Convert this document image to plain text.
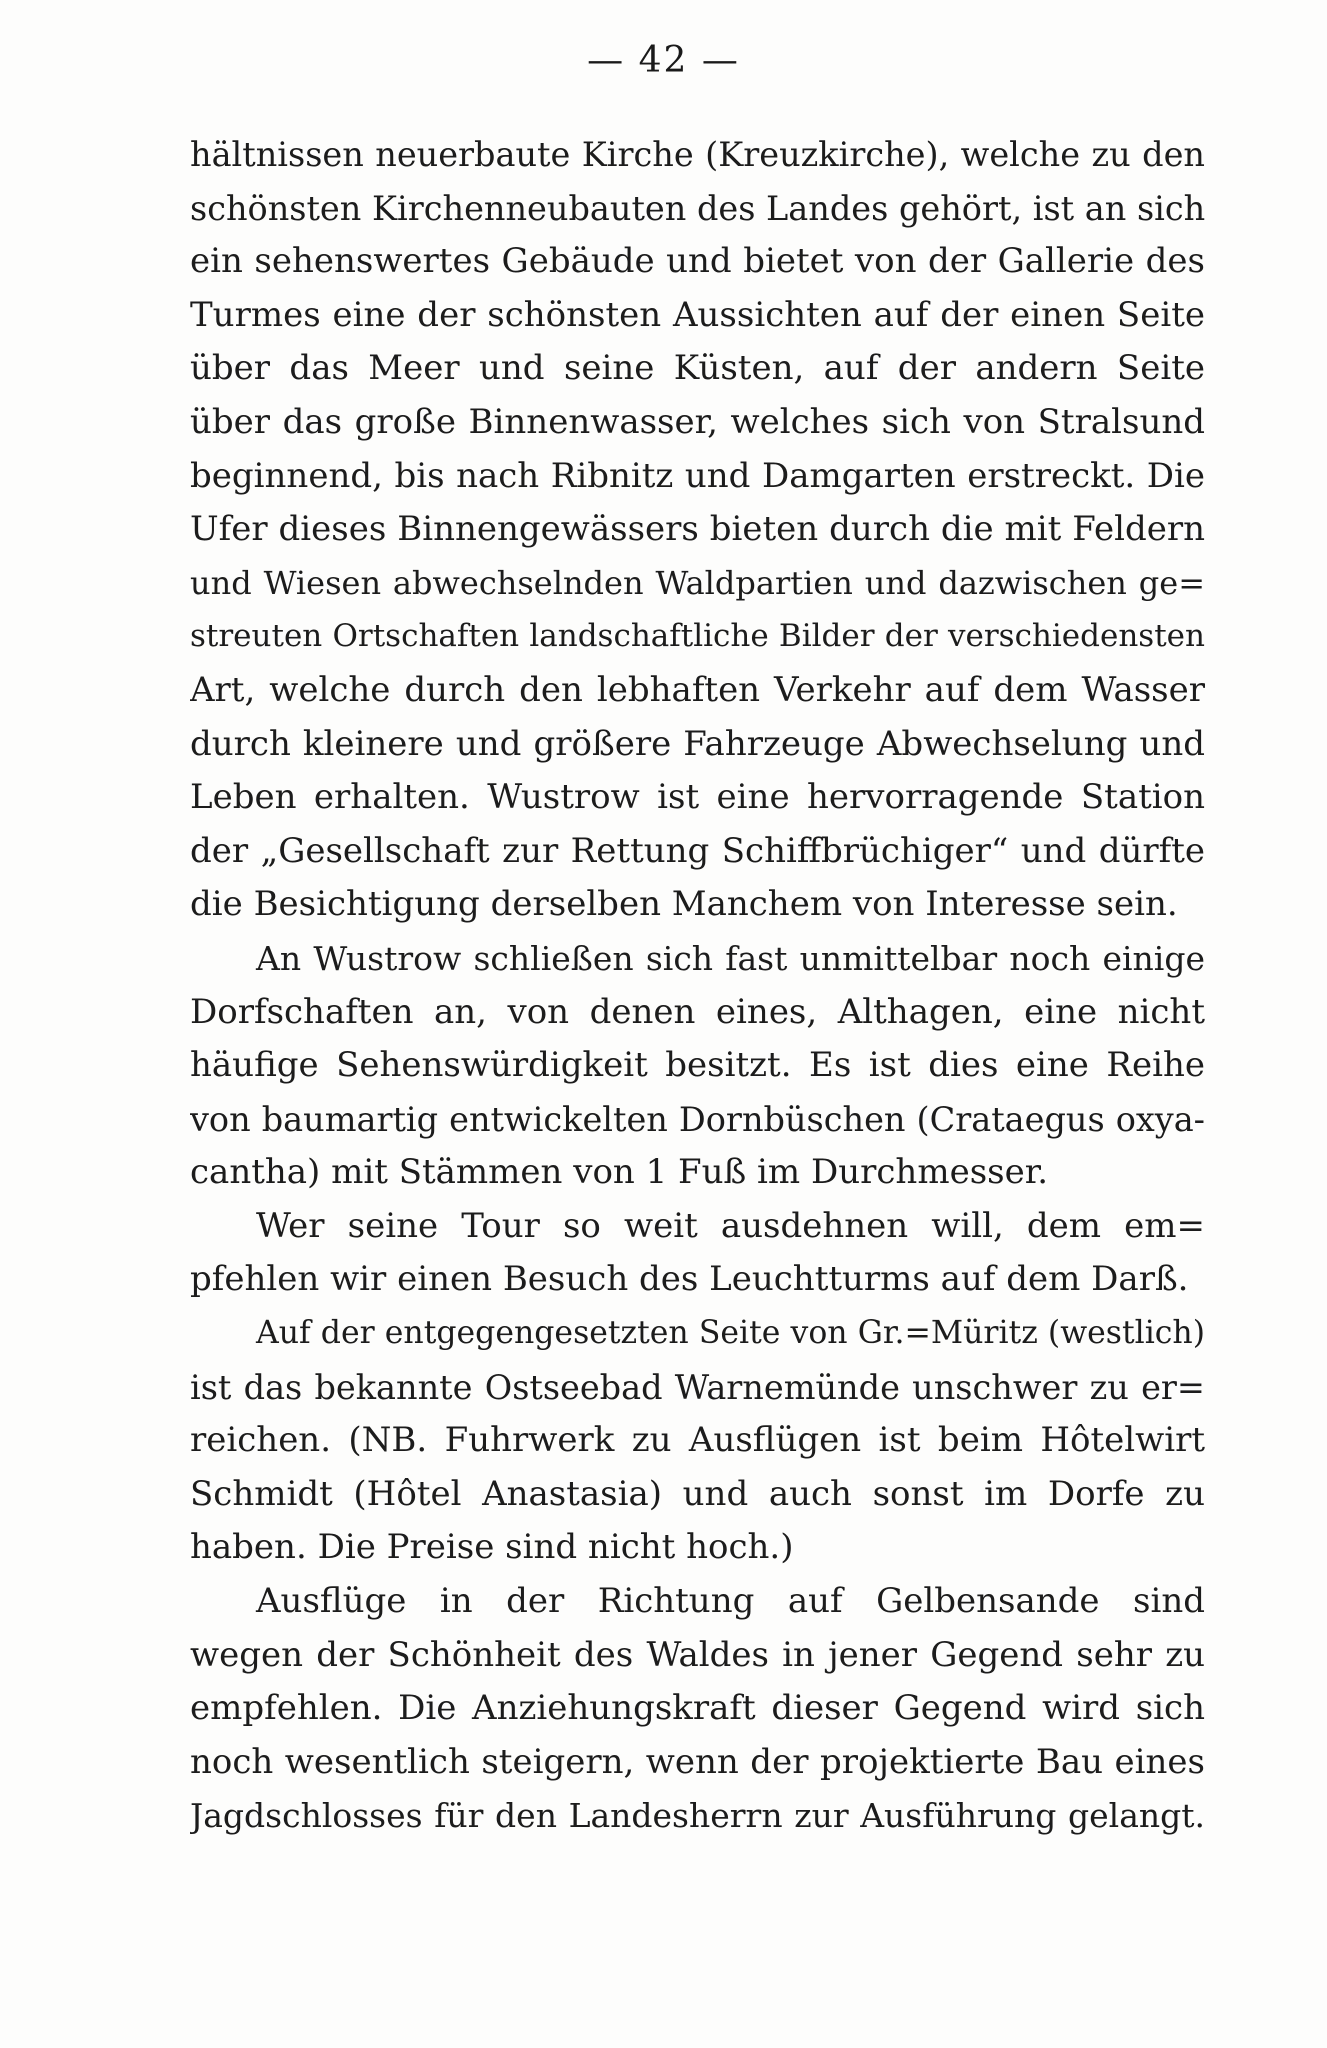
— 42 —
hältnissen neuerbaute Kirche (Kreuzkirche), welche zu den
schönsten Kirchenneubauten des Landes gehört, ist an sich
ein sehenswertes Gebäude und bietet von der Gallerie des
Turmes eine der schönsten Aussichten auf der einen Seite
über das Meer und seine Küsten, auf der andern Seite
über das große Binnenwasser, welches sich von Stralsund
beginnend, bis nach Ribnitz und Damgarten erstreckt. Die
Ufer dieses Binnengewässers bieten durch die mit Feldern
und Wiesen abwechselnden Waldpartien und dazwischen ge=
streuten Ortschaften landschaftliche Bilder der verschiedensten
Art, welche durch den lebhaften Verkehr auf dem Wasser
durch kleinere und größere Fahrzeuge Abwechselung und
Leben erhalten. Wustrow ist eine hervorragende Station
der „Gesellschaft zur Rettung Schiffbrüchiger“ und dürfte
die Besichtigung derselben Manchem von Interesse sein.
An Wustrow schließen sich fast unmittelbar noch einige
Dorfschaften an, von denen eines, Althagen, eine nicht
häufige Sehenswürdigkeit besitzt. Es ist dies eine Reihe
von baumartig entwickelten Dornbüschen (Crataegus oxya-
cantha) mit Stämmen von 1 Fuß im Durchmesser.
Wer seine Tour so weit ausdehnen will, dem em=
pfehlen wir einen Besuch des Leuchtturms auf dem Darß.
Auf der entgegengesetzten Seite von Gr.=Müritz (westlich)
ist das bekannte Ostseebad Warnemünde unschwer zu er=
reichen. (NB. Fuhrwerk zu Ausflügen ist beim Hôtelwirt
Schmidt (Hôtel Anastasia) und auch sonst im Dorfe zu
haben. Die Preise sind nicht hoch.)
Ausflüge in der Richtung auf Gelbensande sind
wegen der Schönheit des Waldes in jener Gegend sehr zu
empfehlen. Die Anziehungskraft dieser Gegend wird sich
noch wesentlich steigern, wenn der projektierte Bau eines
Jagdschlosses für den Landesherrn zur Ausführung gelangt.
